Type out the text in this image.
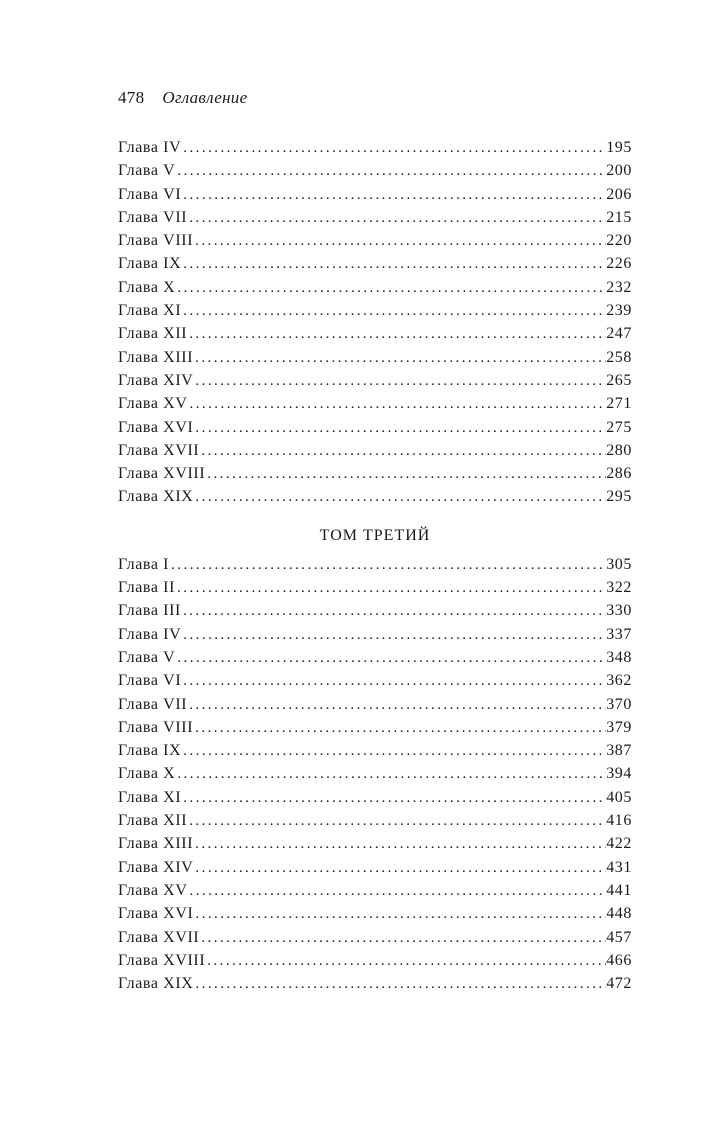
478 Оглавление
Глава IV . . .	195
Глава V . . .	200
Глава VI . . .	206
Глава VII . . .	215
Глава VIII . . .	220
Глава IX . . .	226
Глава X . . .	232
Глава XI . . .	239
Глава XII . . .	247
Глава XIII . . .	258
Глава XIV . . .	265
Глава XV . . .	271
Глава XVI . . .	275
Глава XVII . . .	280
Глава XVIII . . .	286
Глава XIX . . .	295
ТОМ ТРЕТИЙ
Глава I . . .	305
Глава II . . .	322
Глава III . . .	330
Глава IV . . .	337
Глава V . . .	348
Глава VI . . .	362
Глава VII . . .	370
Глава VIII . . .	379
Глава IX . . .	387
Глава X . . .	394
Глава XI . . .	405
Глава XII . . .	416
Глава XIII . . .	422
Глава XIV . . .	431
Глава XV . . .	441
Глава XVI . . .	448
Глава XVII . . .	457
Глава XVIII . . .	466
Глава XIX . . .	472
